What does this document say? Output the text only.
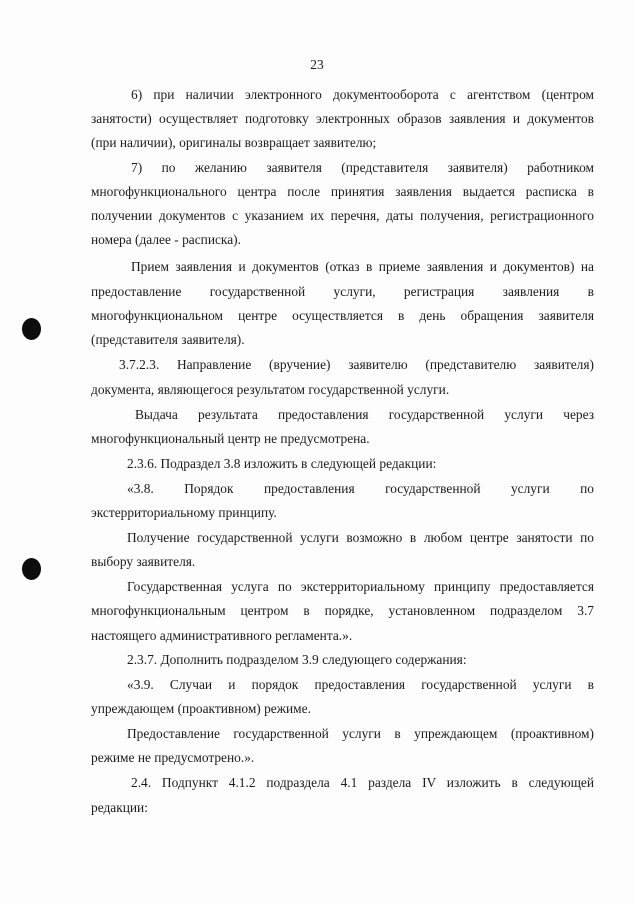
23
6) при наличии электронного документооборота с агентством (центром
занятости) осуществляет подготовку электронных образов заявления и документов
(при наличии), оригиналы возвращает заявителю;
7) по желанию заявителя (представителя заявителя) работником
многофункционального центра после принятия заявления выдается расписка в
получении документов с указанием их перечня, даты получения, регистрационного
номера (далее - расписка).
Прием заявления и документов (отказ в приеме заявления и документов) на
предоставление государственной услуги, регистрация заявления в
многофункциональном центре осуществляется в день обращения заявителя
(представителя заявителя).
3.7.2.3. Направление (вручение) заявителю (представителю заявителя)
документа, являющегося результатом государственной услуги.
Выдача результата предоставления государственной услуги через
многофункциональный центр не предусмотрена.
2.3.6. Подраздел 3.8 изложить в следующей редакции:
«3.8. Порядок предоставления государственной услуги по
экстерриториальному принципу.
Получение государственной услуги возможно в любом центре занятости по
выбору заявителя.
Государственная услуга по экстерриториальному принципу предоставляется
многофункциональным центром в порядке, установленном подразделом 3.7
настоящего административного регламента.».
2.3.7. Дополнить подразделом 3.9 следующего содержания:
«3.9. Случаи и порядок предоставления государственной услуги в
упреждающем (проактивном) режиме.
Предоставление государственной услуги в упреждающем (проактивном)
режиме не предусмотрено.».
2.4. Подпункт 4.1.2 подраздела 4.1 раздела IV изложить в следующей
редакции:
